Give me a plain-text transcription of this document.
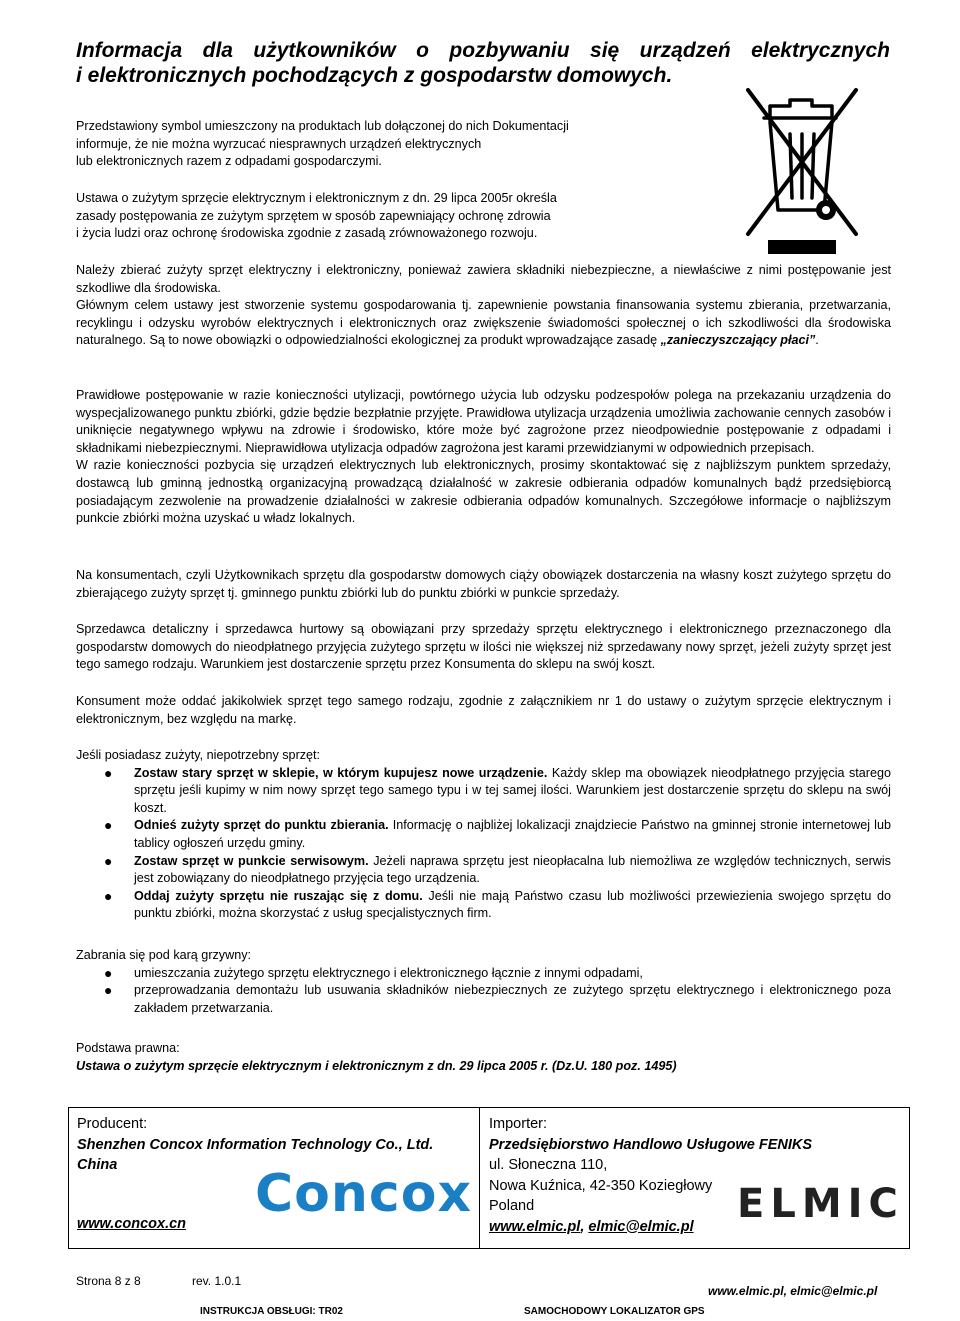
Informacja dla użytkowników o pozbywaniu się urządzeń elektrycznych
i elektronicznych pochodzących z gospodarstw domowych.
Przedstawiony symbol umieszczony na produktach lub dołączonej do nich Dokumentacji
informuje, że nie można wyrzucać niesprawnych urządzeń elektrycznych
lub elektronicznych razem z odpadami gospodarczymi.
Ustawa o zużytym sprzęcie elektrycznym i elektronicznym z dn. 29 lipca 2005r określa
zasady postępowania ze zużytym sprzętem w sposób zapewniający ochronę zdrowia
i życia ludzi oraz ochronę środowiska zgodnie z zasadą zrównoważonego rozwoju.

Należy zbierać zużyty sprzęt elektryczny i elektroniczny, ponieważ zawiera składniki niebezpieczne, a niewłaściwe z nimi postępowanie jest szkodliwe dla środowiska.

Głównym celem ustawy jest stworzenie systemu gospodarowania tj. zapewnienie powstania finansowania systemu zbierania, przetwarzania, recyklingu i odzysku wyrobów elektrycznych i elektronicznych oraz zwiększenie świadomości społecznej o ich szkodliwości dla środowiska naturalnego. Są to nowe obowiązki o odpowiedzialności ekologicznej za produkt wprowadzające zasadę „zanieczyszczający płaci”.

Prawidłowe postępowanie w razie konieczności utylizacji, powtórnego użycia lub odzysku podzespołów polega na przekazaniu urządzenia do wyspecjalizowanego punktu zbiórki, gdzie będzie bezpłatnie przyjęte. Prawidłowa utylizacja urządzenia umożliwia zachowanie cennych zasobów i uniknięcie negatywnego wpływu na zdrowie i środowisko, które może być zagrożone przez nieodpowiednie postępowanie z odpadami i składnikami niebezpiecznymi. Nieprawidłowa utylizacja odpadów zagrożona jest karami przewidzianymi w odpowiednich przepisach.

W razie konieczności pozbycia się urządzeń elektrycznych lub elektronicznych, prosimy skontaktować się z najbliższym punktem sprzedaży, dostawcą lub gminną jednostką organizacyjną prowadzącą działalność w zakresie odbierania odpadów komunalnych bądź przedsiębiorcą posiadającym zezwolenie na prowadzenie działalności w zakresie odbierania odpadów komunalnych. Szczegółowe informacje o najbliższym punkcie zbiórki można uzyskać u władz lokalnych.

Na konsumentach, czyli Użytkownikach sprzętu dla gospodarstw domowych ciąży obowiązek dostarczenia na własny koszt zużytego sprzętu do zbierającego zużyty sprzęt tj. gminnego punktu zbiórki lub do punktu zbiórki w punkcie sprzedaży.

Sprzedawca detaliczny i sprzedawca hurtowy są obowiązani przy sprzedaży sprzętu elektrycznego i elektronicznego przeznaczonego dla gospodarstw domowych do nieodpłatnego przyjęcia zużytego sprzętu w ilości nie większej niż sprzedawany nowy sprzęt, jeżeli zużyty sprzęt jest tego samego rodzaju. Warunkiem jest dostarczenie sprzętu przez Konsumenta do sklepu na swój koszt.

Konsument może oddać jakikolwiek sprzęt tego samego rodzaju, zgodnie z załącznikiem nr 1 do ustawy o zużytym sprzęcie elektrycznym i elektronicznym, bez względu na markę.

Jeśli posiadasz zużyty, niepotrzebny sprzęt:

● Zostaw stary sprzęt w sklepie, w którym kupujesz nowe urządzenie. Każdy sklep ma obowiązek nieodpłatnego przyjęcia starego sprzętu jeśli kupimy w nim nowy sprzęt tego samego typu i w tej samej ilości. Warunkiem jest dostarczenie sprzętu do sklepu na swój koszt.
● Odnieś zużyty sprzęt do punktu zbierania. Informację o najbliżej lokalizacji znajdziecie Państwo na gminnej stronie internetowej lub tablicy ogłoszeń urzędu gminy.
● Zostaw sprzęt w punkcie serwisowym. Jeżeli naprawa sprzętu jest nieopłacalna lub niemożliwa ze względów technicznych, serwis jest zobowiązany do nieodpłatnego przyjęcia tego urządzenia.
● Oddaj zużyty sprzętu nie ruszając się z domu. Jeśli nie mają Państwo czasu lub możliwości przewiezienia swojego sprzętu do punktu zbiórki, można skorzystać z usług specjalistycznych firm.

Zabrania się pod karą grzywny:

● umieszczania zużytego sprzętu elektrycznego i elektronicznego łącznie z innymi odpadami,
● przeprowadzania demontażu lub usuwania składników niebezpiecznych ze zużytego sprzętu elektrycznego i elektronicznego poza zakładem przetwarzania.

Podstawa prawna:

Ustawa o zużytym sprzęcie elektrycznym i elektronicznym z dn. 29 lipca 2005 r. (Dz.U. 180 poz. 1495)

Producent:
Shenzhen Concox Information Technology Co., Ltd.
China	Concox
www.concox.cn
Importer:
Przedsiębiorstwo Handlowo Usługowe FENIKS
ul. Słoneczna 110,
Nowa Kuźnica, 42-350 Koziegłowy
Poland
www.elmic.pl, elmic@elmic.pl	ELMIC
Strona 8 z 8	rev. 1.0.1
www.elmic.pl, elmic@elmic.pl
INSTRUKCJA OBSŁUGI: TR02	SAMOCHODOWY LOKALIZATOR GPS
